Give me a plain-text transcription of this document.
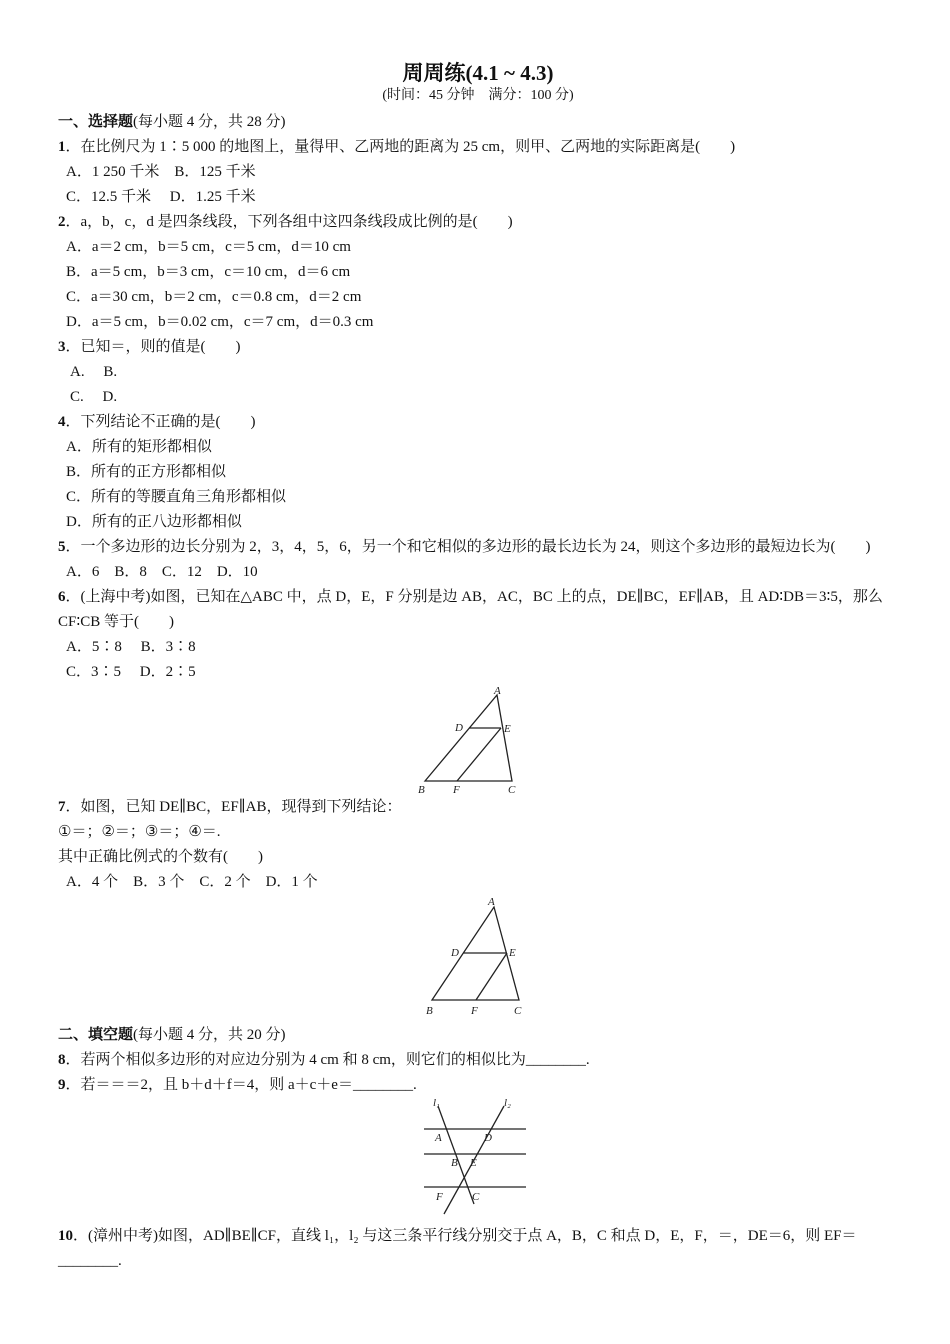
周周练(4.1 ~ 4.3)
(时间：45 分钟　满分：100 分)
一、选择题(每小题 4 分，共 28 分)
1．在比例尺为 1∶5 000 的地图上，量得甲、乙两地的距离为 25 cm，则甲、乙两地的实际距离是(　　)
A．1 250 千米　B．125 千米
C．12.5 千米　 D．1.25 千米
2．a，b，c，d 是四条线段，下列各组中这四条线段成比例的是(　　)
A．a＝2 cm，b＝5 cm，c＝5 cm，d＝10 cm
B．a＝5 cm，b＝3 cm，c＝10 cm，d＝6 cm
C．a＝30 cm，b＝2 cm，c＝0.8 cm，d＝2 cm
D．a＝5 cm，b＝0.02 cm，c＝7 cm，d＝0.3 cm
3．已知＝，则的值是(　　)
A.　 B.
C.　 D.
4．下列结论不正确的是(　　)
A．所有的矩形都相似
B．所有的正方形都相似
C．所有的等腰直角三角形都相似
D．所有的正八边形都相似
5．一个多边形的边长分别为 2，3，4，5，6，另一个和它相似的多边形的最长边长为 24，则这个多边形的最短边长为(　　)
A．6　B．8　C．12　D．10
6．(上海中考)如图，已知在△ABC 中，点 D，E，F 分别是边 AB，AC，BC 上的点，DE∥BC，EF∥AB，且 AD∶DB＝3∶5，那么 CF∶CB 等于(　　)
A．5∶8　 B．3∶8
C．3∶5　 D．2∶5
A
D	E
B	F	C
7．如图，已知 DE∥BC，EF∥AB，现得到下列结论：
①＝；②＝；③＝；④＝.
其中正确比例式的个数有(　　)
A．4 个　B．3 个　C．2 个　D．1 个
A
D	E
B	F	C
二、填空题(每小题 4 分，共 20 分)
8．若两个相似多边形的对应边分别为 4 cm 和 8 cm，则它们的相似比为________.
9．若＝＝＝2，且 b＋d＋f＝4，则 a＋c＋e＝________.
l₁	l₂
A	D
B E
F	C
10．(漳州中考)如图，AD∥BE∥CF，直线 l₁，l₂ 与这三条平行线分别交于点 A，B，C 和点 D，E，F，＝，DE＝6，则 EF＝________.
